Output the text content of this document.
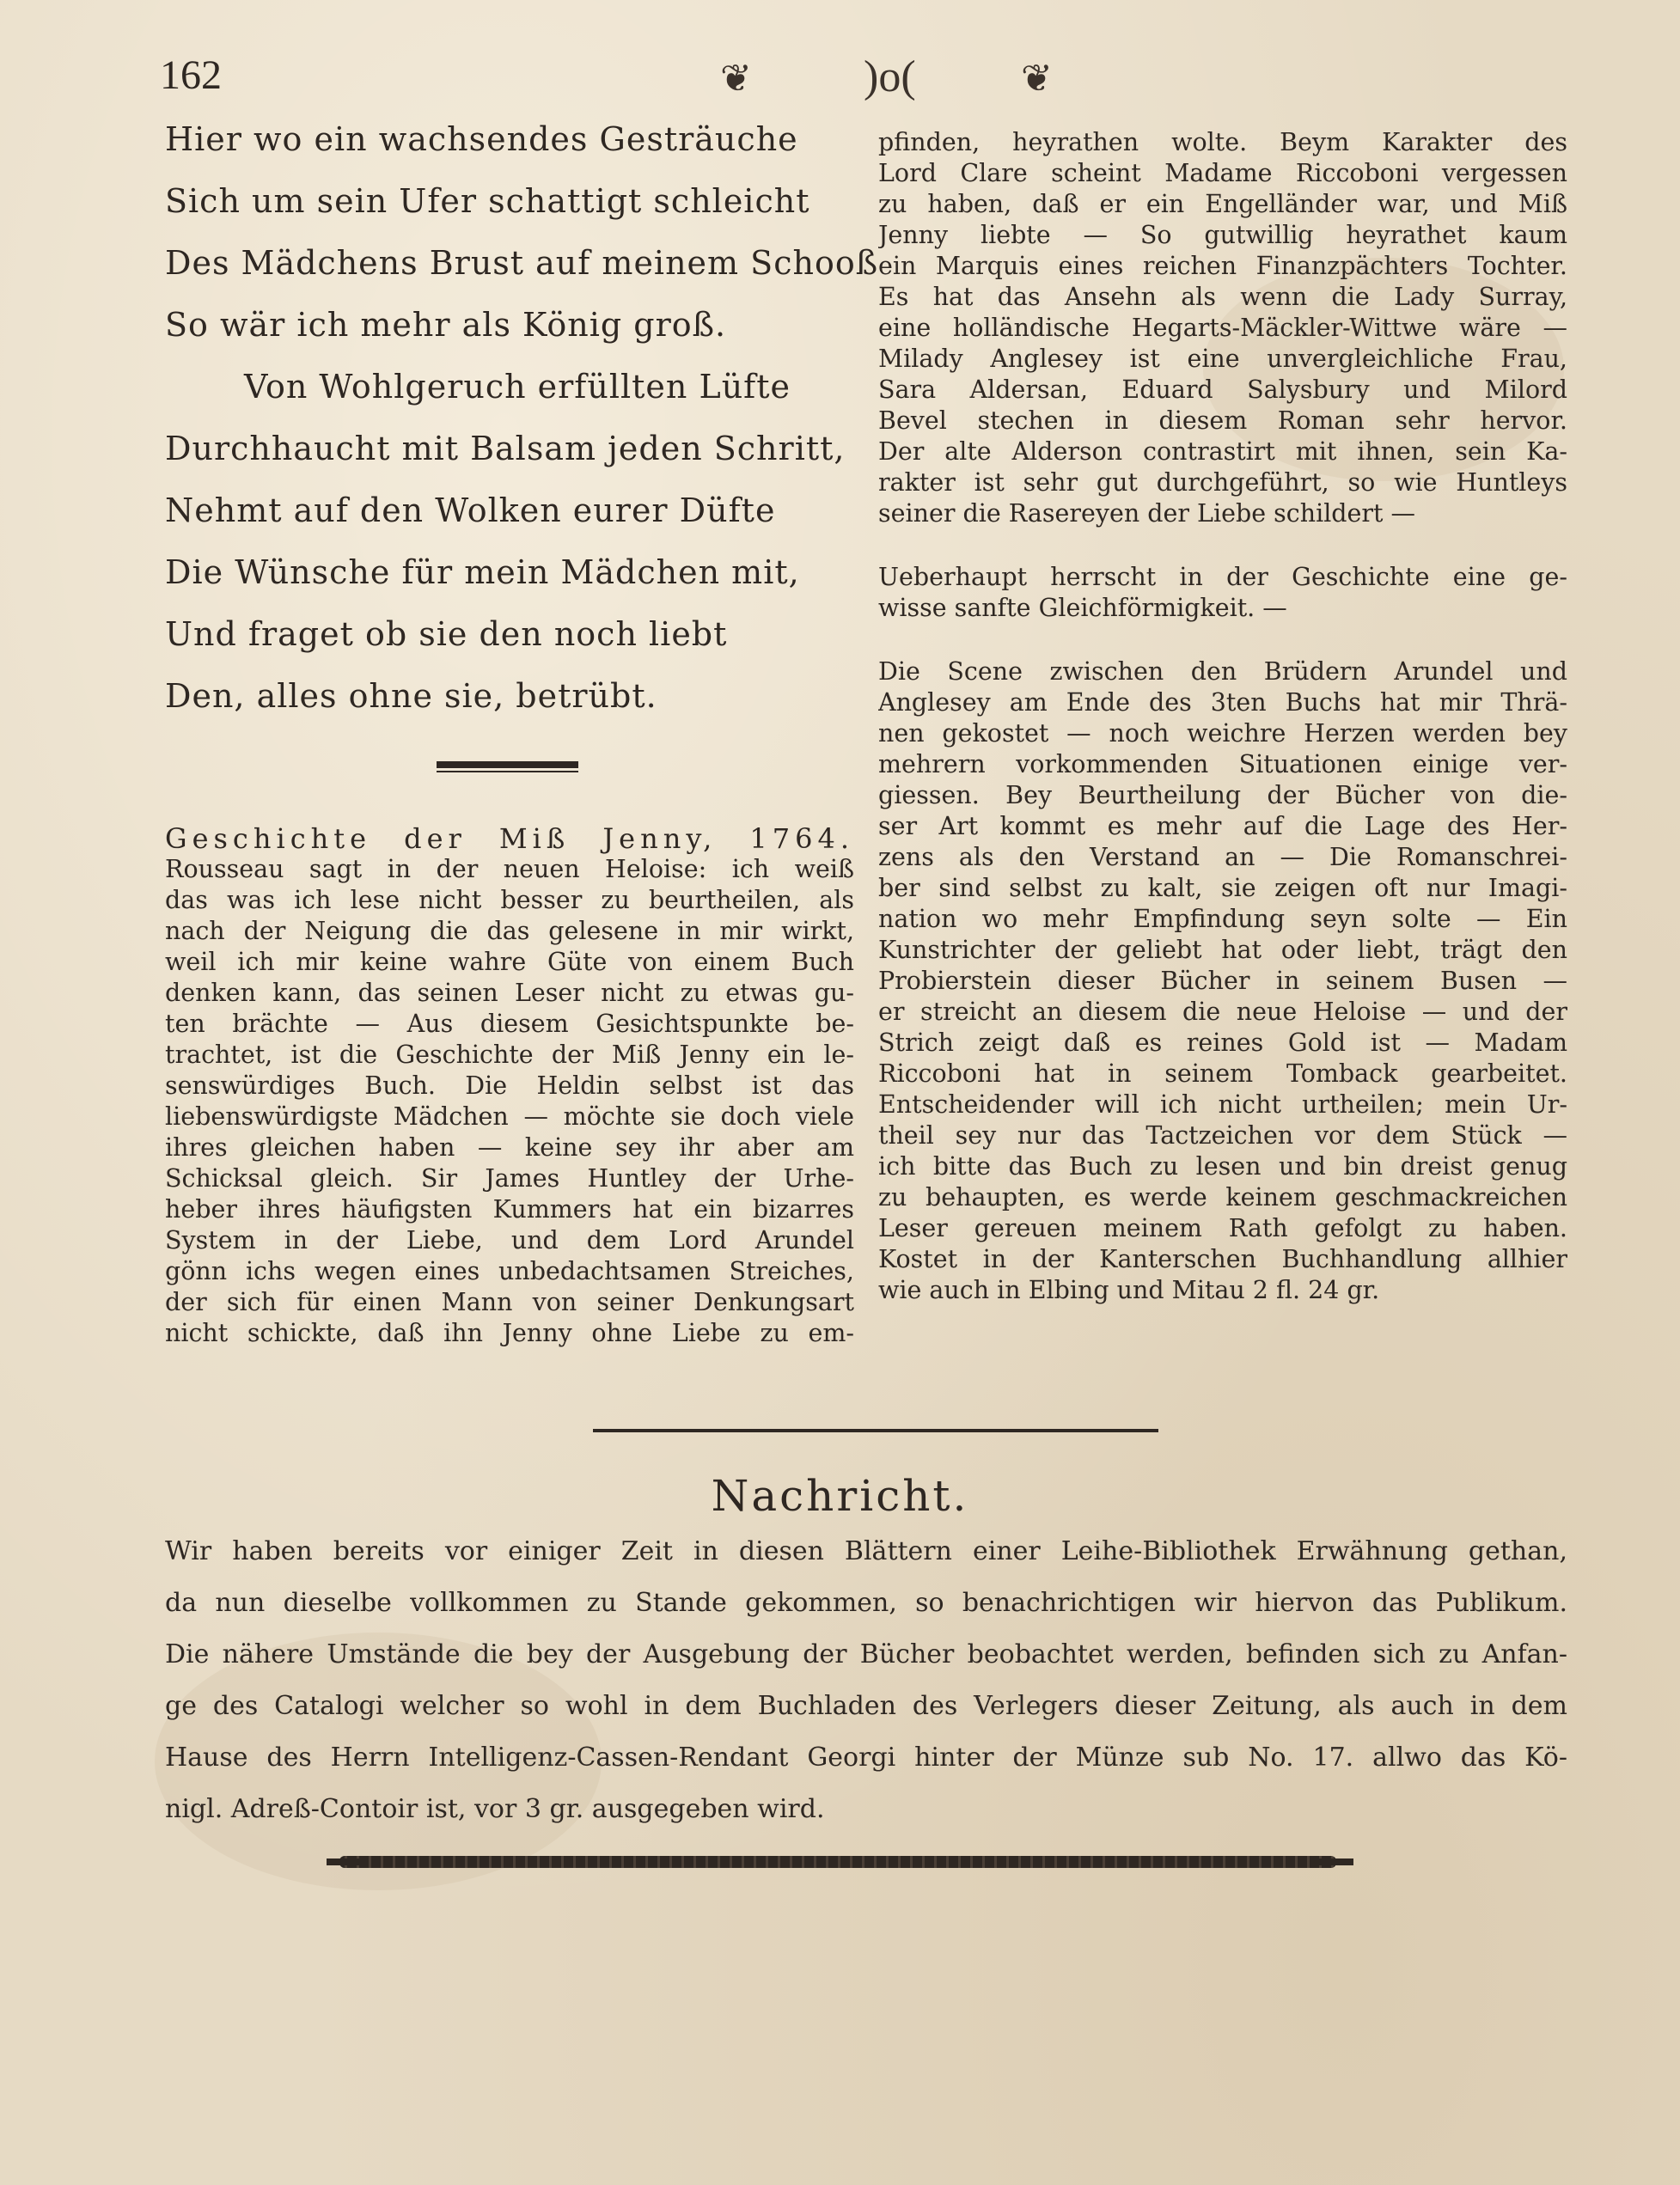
162	❦	)o(	❦
Hier wo ein wachsendes Gesträuche
Sich um sein Ufer schattigt schleicht
Des Mädchens Brust auf meinem Schooß
So wär ich mehr als König groß.
Von Wohlgeruch erfüllten Lüfte
Durchhaucht mit Balsam jeden Schritt,
Nehmt auf den Wolken eurer Düfte
Die Wünsche für mein Mädchen mit,
Und fraget ob sie den noch liebt
Den, alles ohne sie, betrübt.
Geschichte der Miß Jenny, 1764.
Rousseau sagt in der neuen Heloise: ich weiß
das was ich lese nicht besser zu beurtheilen, als
nach der Neigung die das gelesene in mir wirkt,
weil ich mir keine wahre Güte von einem Buch
denken kann, das seinen Leser nicht zu etwas gu-
ten brächte — Aus diesem Gesichtspunkte be-
trachtet, ist die Geschichte der Miß Jenny ein le-
senswürdiges Buch. Die Heldin selbst ist das
liebenswürdigste Mädchen — möchte sie doch viele
ihres gleichen haben — keine sey ihr aber am
Schicksal gleich. Sir James Huntley der Urhe-
heber ihres häufigsten Kummers hat ein bizarres
System in der Liebe, und dem Lord Arundel
gönn ichs wegen eines unbedachtsamen Streiches,
der sich für einen Mann von seiner Denkungsart
nicht schickte, daß ihn Jenny ohne Liebe zu em-
pfinden, heyrathen wolte. Beym Karakter des
Lord Clare scheint Madame Riccoboni vergessen
zu haben, daß er ein Engelländer war, und Miß
Jenny liebte — So gutwillig heyrathet kaum
ein Marquis eines reichen Finanzpächters Tochter.
Es hat das Ansehn als wenn die Lady Surray,
eine holländische Hegarts-Mäckler-Wittwe wäre —
Milady Anglesey ist eine unvergleichliche Frau,
Sara Aldersan, Eduard Salysbury und Milord
Bevel stechen in diesem Roman sehr hervor.
Der alte Alderson contrastirt mit ihnen, sein Ka-
rakter ist sehr gut durchgeführt, so wie Huntleys
seiner die Rasereyen der Liebe schildert —
Ueberhaupt herrscht in der Geschichte eine ge-
wisse sanfte Gleichförmigkeit. —
Die Scene zwischen den Brüdern Arundel und
Anglesey am Ende des 3ten Buchs hat mir Thrä-
nen gekostet — noch weichre Herzen werden bey
mehrern vorkommenden Situationen einige ver-
giessen. Bey Beurtheilung der Bücher von die-
ser Art kommt es mehr auf die Lage des Her-
zens als den Verstand an — Die Romanschrei-
ber sind selbst zu kalt, sie zeigen oft nur Imagi-
nation wo mehr Empfindung seyn solte — Ein
Kunstrichter der geliebt hat oder liebt, trägt den
Probierstein dieser Bücher in seinem Busen —
er streicht an diesem die neue Heloise — und der
Strich zeigt daß es reines Gold ist — Madam
Riccoboni hat in seinem Tomback gearbeitet.
Entscheidender will ich nicht urtheilen; mein Ur-
theil sey nur das Tactzeichen vor dem Stück —
ich bitte das Buch zu lesen und bin dreist genug
zu behaupten, es werde keinem geschmackreichen
Leser gereuen meinem Rath gefolgt zu haben.
Kostet in der Kanterschen Buchhandlung allhier
wie auch in Elbing und Mitau 2 fl. 24 gr.
Nachricht.
Wir haben bereits vor einiger Zeit in diesen Blättern einer Leihe-Bibliothek Erwähnung gethan,
da nun dieselbe vollkommen zu Stande gekommen, so benachrichtigen wir hiervon das Publikum.
Die nähere Umstände die bey der Ausgebung der Bücher beobachtet werden, befinden sich zu Anfan-
ge des Catalogi welcher so wohl in dem Buchladen des Verlegers dieser Zeitung, als auch in dem
Hause des Herrn Intelligenz-Cassen-Rendant Georgi hinter der Münze sub No. 17. allwo das Kö-
nigl. Adreß-Contoir ist, vor 3 gr. ausgegeben wird.
